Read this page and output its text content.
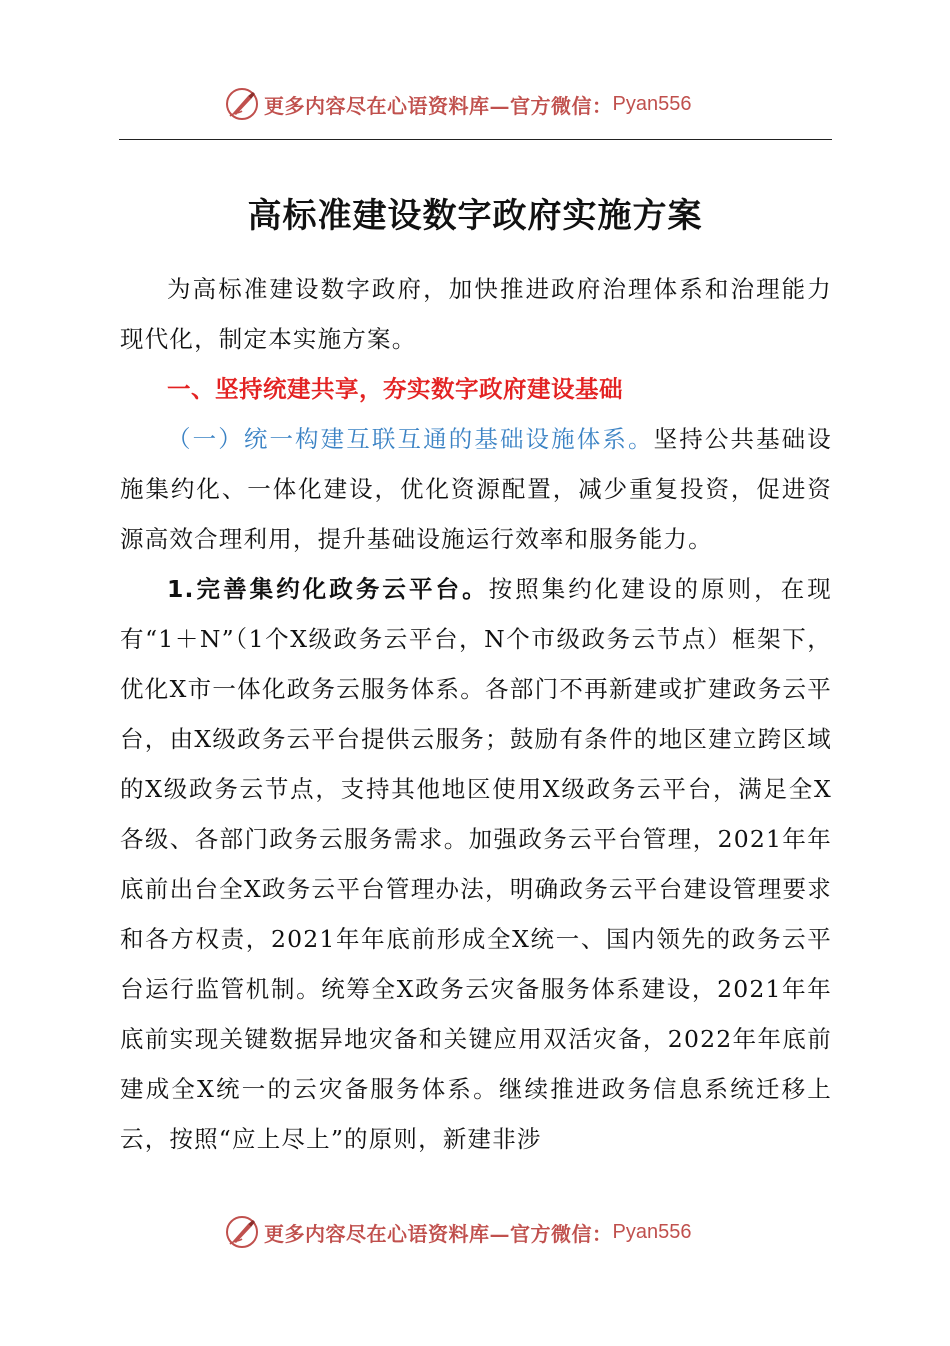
更多内容尽在心语资料库—官方微信： Pyan556
高标准建设数字政府实施方案

为高标准建设数字政府，加快推进政府治理体系和治理能力现代化，制定本实施方案。

一、坚持统建共享，夯实数字政府建设基础

（一）统一构建互联互通的基础设施体系。坚持公共基础设施集约化、一体化建设，优化资源配置，减少重复投资，促进资源高效合理利用，提升基础设施运行效率和服务能力。

1.完善集约化政务云平台。按照集约化建设的原则，在现有“1＋N”（1个X级政务云平台，N个市级政务云节点）框架下，优化X市一体化政务云服务体系。各部门不再新建或扩建政务云平台，由X级政务云平台提供云服务；鼓励有条件的地区建立跨区域的X级政务云节点，支持其他地区使用X级政务云平台，满足全X各级、各部门政务云服务需求。加强政务云平台管理，2021年年底前出台全X政务云平台管理办法，明确政务云平台建设管理要求和各方权责，2021年年底前形成全X统一、国内领先的政务云平台运行监管机制。统筹全X政务云灾备服务体系建设，2021年年底前实现关键数据异地灾备和关键应用双活灾备，2022年年底前建成全X统一的云灾备服务体系。继续推进政务信息系统迁移上云，按照“应上尽上”的原则，新建非涉

更多内容尽在心语资料库—官方微信： Pyan556
